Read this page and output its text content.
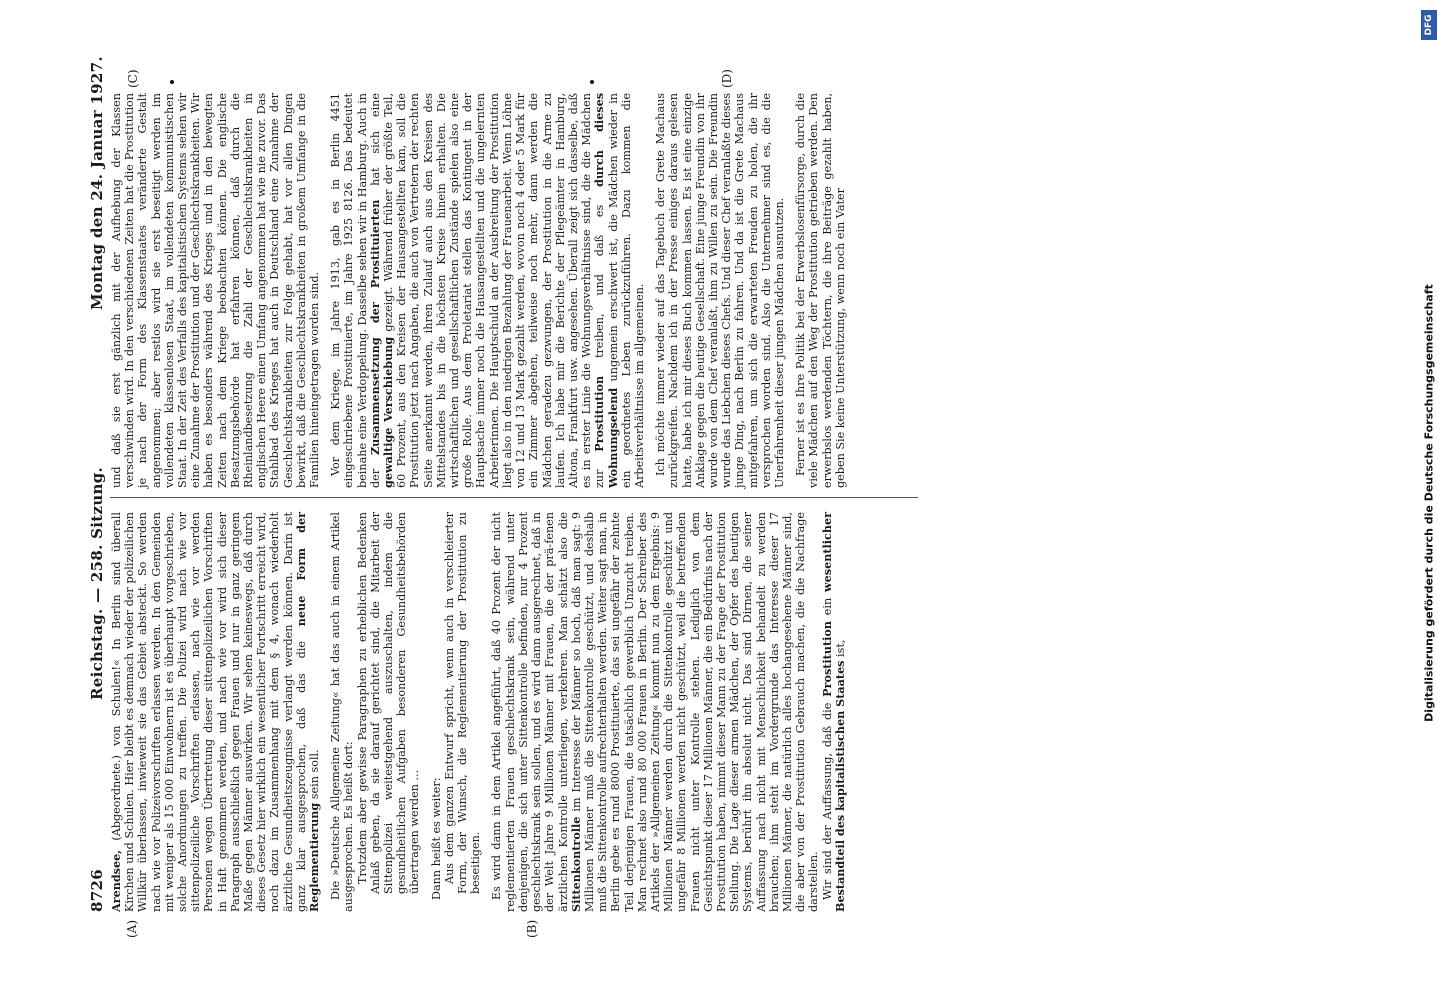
8726
Reichstag. — 258. Sitzung.
Montag den 24. Januar 1927.
(A)	(B)
(C)	(D)

Arendsee, (Abgeordnete.) von Schulen!« In Berlin sind überall Kirchen und Schulen. Hier bleibt es demnach wieder der polizeilichen Willkür überlassen, inwieweit sie das Gebiet absteckt. So werden nach wie vor Polizeivorschriften erlassen werden. In den Gemeinden mit weniger als 15 000 Einwohnern ist es überhaupt vorgeschrieben, solche Anordnungen zu treffen. Die Polizei wird nach wie vor sittenpolizeiliche Vorschriften erlassen, nach wie vor werden Personen wegen Übertretung dieser sittenpolizeilichen Vorschriften in Haft genommen werden, und nach wie vor wird sich dieser Paragraph ausschließlich gegen Frauen und nur in ganz geringem Maße gegen Männer auswirken. Wir sehen keineswegs, daß durch dieses Gesetz hier wirklich ein wesentlicher Fortschritt erreicht wird, noch dazu im Zusammenhang mit dem § 4, wonach wiederholt ärztliche Gesundheitszeugnisse verlangt werden können. Darin ist ganz klar ausgesprochen, daß das die neue Form der Reglementierung sein soll. Die »Deutsche Allgemeine Zeitung« hat das auch in einem Artikel ausgesprochen. Es heißt dort: Trotzdem aber gewisse Paragraphen zu erheblichen Bedenken Anlaß geben, da sie darauf gerichtet sind, die Mitarbeit der Sittenpolizei weitestgehend auszuschalten, indem die gesundheitlichen Aufgaben besonderen Gesundheitsbehörden übertragen werden ... Dann heißt es weiter: Aus dem ganzen Entwurf spricht, wenn auch in verschleierter Form, der Wunsch, die Reglementierung der Prostitution zu beseitigen. Es wird dann in dem Artikel angeführt, daß 40 Prozent der nicht reglementierten Frauen geschlechtskrank sein, während unter denjenigen, die sich unter Sittenkontrolle befinden, nur 4 Prozent geschlechtskrank sein sollen, und es wird dann ausgerechnet, daß in der Welt Jahre 9 Millionen Männer mit Frauen, die der prä-fenen ärztlichen Kontrolle unterliegen, verkehren. Man schätzt also die Sittenkontrolle im Interesse der Männer so hoch, daß man sagt: 9 Millionen Männer muß die Sittenkontrolle geschützt, und deshalb muß die Sittenkontrolle aufrechterhalten werden. Weiter sagt man, in Berlin gebe es rund 8000 Prostituierte, das sei ungefähr der zehnte Teil derjenigen Frauen, die tatsächlich gewerblich Unzucht treiben. Man rechnet also rund 80 000 Frauen in Berlin. Der Schreiber des Artikels der »Allgemeinen Zeitung« kommt nun zu dem Ergebnis: 9 Millionen Männer werden durch die Sittenkontrolle geschützt und ungefähr 8 Millionen werden nicht geschützt, weil die betreffenden Frauen nicht unter Kontrolle stehen. Lediglich von dem Gesichtspunkt dieser 17 Millionen Männer, die ein Bedürfnis nach der Prostitution haben, nimmt dieser Mann zu der Frage der Prostitution Stellung. Die Lage dieser armen Mädchen, der Opfer des heutigen Systems, berührt ihn absolut nicht. Das sind Dirnen, die seiner Auffassung nach nicht mit Menschlichkeit behandelt zu werden brauchen; ihm steht im Vordergrunde das Interesse dieser 17 Millionen Männer, die natürlich alles hochangesehene Männer sind, die aber von der Prostitution Gebrauch machen, die die Nachfrage darstellen. Wir sind der Auffassung, daß die Prostitution ein wesentlicher Bestandteil des kapitalistischen Staates ist,

und daß sie erst gänzlich mit der Aufhebung der Klassen verschwinden wird. In den verschiedenen Zeiten hat die Prostitution je nach der Form des Klassenstaates veränderte Gestalt angenommen; aber restlos wird sie erst beseitigt werden im vollendeten klassenlosen Staat, im vollendeten kommunistischen Staat. In der Zeit des Verfalls des kapitalistischen Systems sehen wir eine Zunahme der Prostitution und der Geschlechtskrankheiten. Wir haben es besonders während des Krieges und in den bewegten Zeiten nach dem Kriege beobachten können. Die englische Besatzungsbehörde hat erfahren können, daß durch die Rheinlandbesetzung die Zahl der Geschlechtskrankheiten in englischen Heere einen Umfang angenommen hat wie nie zuvor. Das Stahlbad des Krieges hat auch in Deutschland eine Zunahme der Geschlechtskrankheiten zur Folge gehabt, hat vor allen Dingen bewirkt, daß die Geschlechtskrankheiten in großem Umfange in die Familien hineingetragen worden sind. Vor dem Kriege, im Jahre 1913, gab es in Berlin 4451 eingeschriebene Prostituierte, im Jahre 1925 8126. Das bedeutet beinahe eine Verdoppelung. Dasselbe sehen wir in Hamburg. Auch in der Zusammensetzung der Prostituierten hat sich eine gewaltige Verschiebung gezeigt. Während früher der größte Teil, 60 Prozent, aus den Kreisen der Hausangestellten kam, soll die Prostitution jetzt nach Angaben, die auch von Vertretern der rechten Seite anerkannt werden, ihren Zulauf auch aus den Kreisen des Mittelstandes bis in die höchsten Kreise hinein erhalten. Die wirtschaftlichen und gesellschaftlichen Zustände spielen also eine große Rolle. Aus dem Proletariat stellen das Kontingent in der Hauptsache immer noch die Hausangestellten und die ungelernten Arbeiterinnen. Die Hauptschuld an der Ausbreitung der Prostitution liegt also in den niedrigen Bezahlung der Frauenarbeit. Wenn Löhne von 12 und 13 Mark gezahlt werden, wovon noch 4 oder 5 Mark für ein Zimmer abgehen, teilweise noch mehr, dann werden die Mädchen geradezu gezwungen, der Prostitution in die Arme zu laufen. Ich habe mir die Berichte der Pflegeämter in Hamburg, Altona, Frankfurt usw. angesehen. Überall zeigt sich dasselbe, daß es in erster Linie die Wohnungsverhältnisse sind, die die Mädchen zur Prostitution treiben, und daß es durch dieses Wohnungselend ungemein erschwert ist, die Mädchen wieder in ein geordnetes Leben zurückzuführen. Dazu kommen die Arbeitsverhältnisse im allgemeinen. Ich möchte immer wieder auf das Tagebuch der Grete Machaus zurückgreifen. Nachdem ich in der Presse einiges daraus gelesen hatte, habe ich mir dieses Buch kommen lassen. Es ist eine einzige Anklage gegen die heutige Gesellschaft. Eine junge Freundin von ihr wurde von dem Chef veranlaßt, ihm zu Willen zu sein. Die Freundin wurde das Liebchen dieses Chefs. Und dieser Chef veranlaßte dieses junge Ding, nach Berlin zu fahren. Und da ist die Grete Machaus mitgefahren, um sich die erwarteten Freuden zu holen, die ihr versprochen worden sind. Also die Unternehmer sind es, die die Unerfahrenheit dieser jungen Mädchen ausnutzen. Ferner ist es Ihre Politik bei der Erwerbslosenfürsorge, durch die viele Mädchen auf den Weg der Prostitution getrieben werden. Den erwerbslos werdenden Töchtern, die ihre Beiträge gezahlt haben, geben Sie keine Unterstützung, wenn noch ein Vater

DFG
Digitalisierung gefördert durch die Deutsche Forschungsgemeinschaft
